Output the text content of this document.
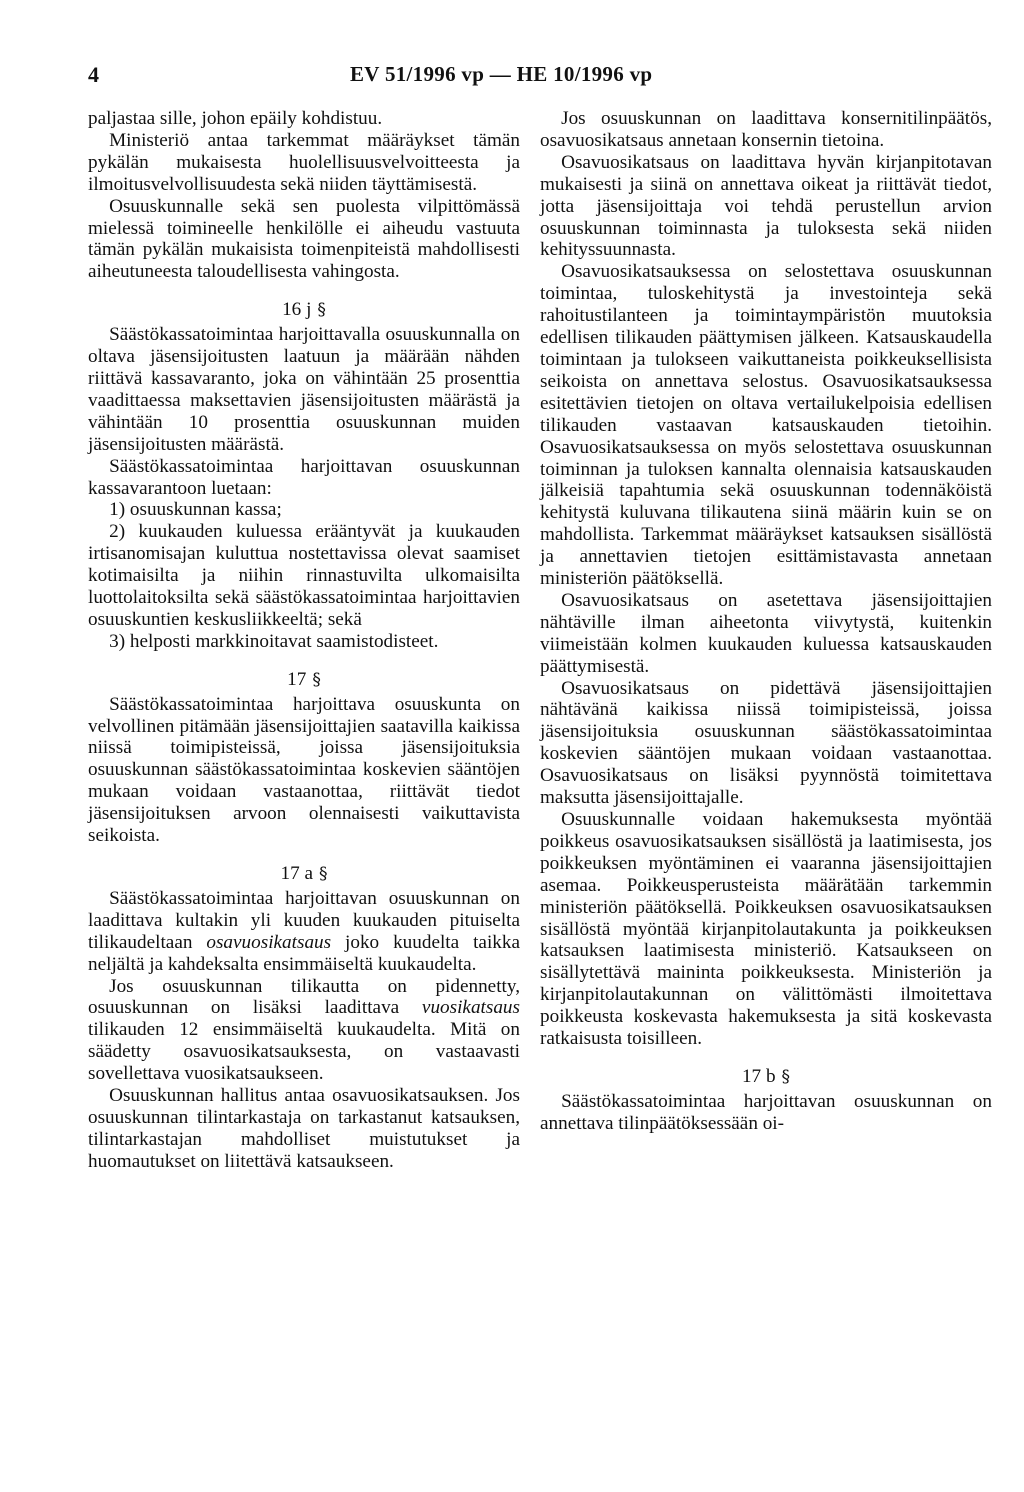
4	EV 51/1996 vp — HE 10/1996 vp

paljastaa sille, johon epäily kohdistuu.

Ministeriö antaa tarkemmat määräykset tämän pykälän mukaisesta huolellisuusvelvoitteesta ja ilmoitusvelvollisuudesta sekä niiden täyttämisestä.

Osuuskunnalle sekä sen puolesta vilpittömässä mielessä toimineelle henkilölle ei aiheudu vastuuta tämän pykälän mukaisista toimenpiteistä mahdollisesti aiheutuneesta taloudellisesta vahingosta.

16 j §

Säästökassatoimintaa harjoittavalla osuuskunnalla on oltava jäsensijoitusten laatuun ja määrään nähden riittävä kassavaranto, joka on vähintään 25 prosenttia vaadittaessa maksettavien jäsensijoitusten määrästä ja vähintään 10 prosenttia osuuskunnan muiden jäsensijoitusten määrästä.

Säästökassatoimintaa harjoittavan osuuskunnan kassavarantoon luetaan:

1) osuuskunnan kassa;

2) kuukauden kuluessa erääntyvät ja kuukauden irtisanomisajan kuluttua nostettavissa olevat saamiset kotimaisilta ja niihin rinnastuvilta ulkomaisilta luottolaitoksilta sekä säästökassatoimintaa harjoittavien osuuskuntien keskusliikkeeltä; sekä

3) helposti markkinoitavat saamistodisteet.

17 §

Säästökassatoimintaa harjoittava osuuskunta on velvollinen pitämään jäsensijoittajien saatavilla kaikissa niissä toimipisteissä, joissa jäsensijoituksia osuuskunnan säästökassatoimintaa koskevien sääntöjen mukaan voidaan vastaanottaa, riittävät tiedot jäsensijoituksen arvoon olennaisesti vaikuttavista seikoista.

17 a §

Säästökassatoimintaa harjoittavan osuuskunnan on laadittava kultakin yli kuuden kuukauden pituiselta tilikaudeltaan osavuosikatsaus joko kuudelta taikka neljältä ja kahdeksalta ensimmäiseltä kuukaudelta.

Jos osuuskunnan tilikautta on pidennetty, osuuskunnan on lisäksi laadittava vuosikatsaus tilikauden 12 ensimmäiseltä kuukaudelta. Mitä on säädetty osavuosikatsauksesta, on vastaavasti sovellettava vuosikatsaukseen.

Osuuskunnan hallitus antaa osavuosikatsauksen. Jos osuuskunnan tilintarkastaja on tarkastanut katsauksen, tilintarkastajan mahdolliset muistutukset ja huomautukset on liitettävä katsaukseen.

Jos osuuskunnan on laadittava konsernitilinpäätös, osavuosikatsaus annetaan konsernin tietoina.

Osavuosikatsaus on laadittava hyvän kirjanpitotavan mukaisesti ja siinä on annettava oikeat ja riittävät tiedot, jotta jäsensijoittaja voi tehdä perustellun arvion osuuskunnan toiminnasta ja tuloksesta sekä niiden kehityssuunnasta.

Osavuosikatsauksessa on selostettava osuuskunnan toimintaa, tuloskehitystä ja investointeja sekä rahoitustilanteen ja toimintaympäristön muutoksia edellisen tilikauden päättymisen jälkeen. Katsauskaudella toimintaan ja tulokseen vaikuttaneista poikkeuksellisista seikoista on annettava selostus. Osavuosikatsauksessa esitettävien tietojen on oltava vertailukelpoisia edellisen tilikauden vastaavan katsauskauden tietoihin. Osavuosikatsauksessa on myös selostettava osuuskunnan toiminnan ja tuloksen kannalta olennaisia katsauskauden jälkeisiä tapahtumia sekä osuuskunnan todennäköistä kehitystä kuluvana tilikautena siinä määrin kuin se on mahdollista. Tarkemmat määräykset katsauksen sisällöstä ja annettavien tietojen esittämistavasta annetaan ministeriön päätöksellä.

Osavuosikatsaus on asetettava jäsensijoittajien nähtäville ilman aiheetonta viivytystä, kuitenkin viimeistään kolmen kuukauden kuluessa katsauskauden päättymisestä.

Osavuosikatsaus on pidettävä jäsensijoittajien nähtävänä kaikissa niissä toimipisteissä, joissa jäsensijoituksia osuuskunnan säästökassatoimintaa koskevien sääntöjen mukaan voidaan vastaanottaa. Osavuosikatsaus on lisäksi pyynnöstä toimitettava maksutta jäsensijoittajalle.

Osuuskunnalle voidaan hakemuksesta myöntää poikkeus osavuosikatsauksen sisällöstä ja laatimisesta, jos poikkeuksen myöntäminen ei vaaranna jäsensijoittajien asemaa. Poikkeusperusteista määrätään tarkemmin ministeriön päätöksellä. Poikkeuksen osavuosikatsauksen sisällöstä myöntää kirjanpitolautakunta ja poikkeuksen katsauksen laatimisesta ministeriö. Katsaukseen on sisällytettävä maininta poikkeuksesta. Ministeriön ja kirjanpitolautakunnan on välittömästi ilmoitettava poikkeusta koskevasta hakemuksesta ja sitä koskevasta ratkaisusta toisilleen.

17 b §

Säästökassatoimintaa harjoittavan osuuskunnan on annettava tilinpäätöksessään oi-
